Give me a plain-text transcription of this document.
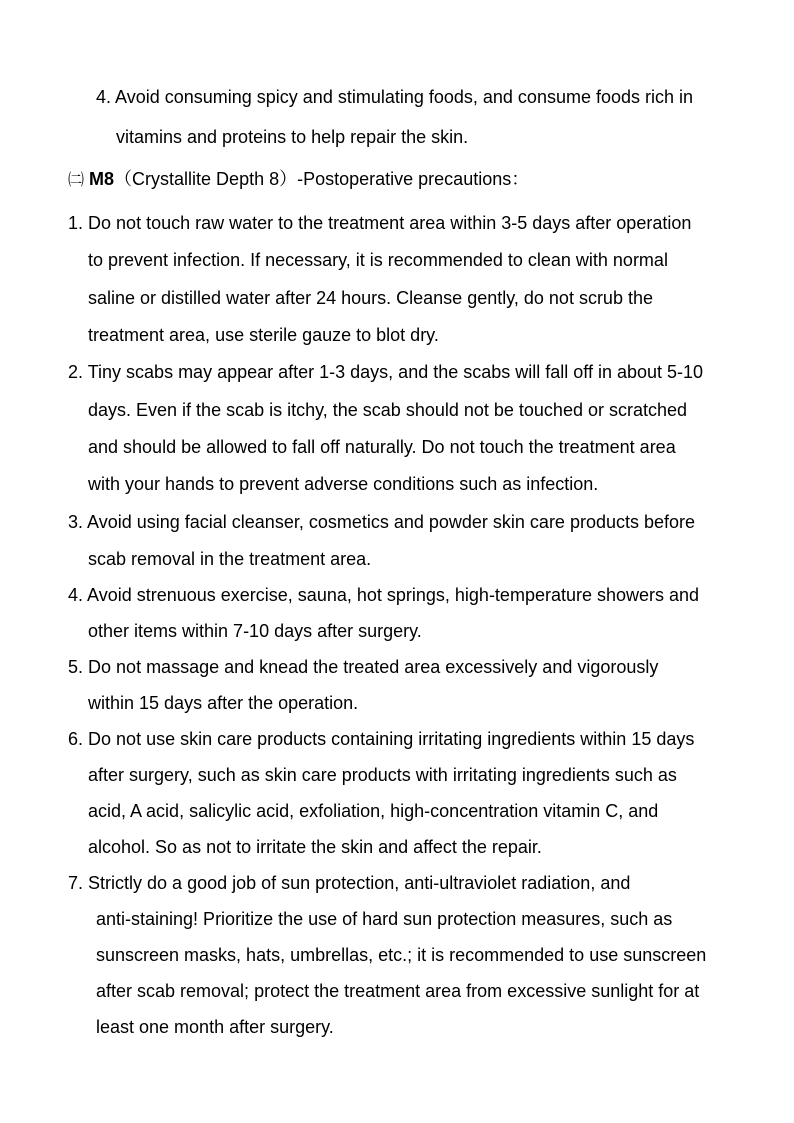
4. Avoid consuming spicy and stimulating foods, and consume foods rich in
vitamins and proteins to help repair the skin.
㈡ M8（Crystallite Depth 8）-Postoperative precautions：
1. Do not touch raw water to the treatment area within 3-5 days after operation
to prevent infection. If necessary, it is recommended to clean with normal
saline or distilled water after 24 hours. Cleanse gently, do not scrub the
treatment area, use sterile gauze to blot dry.
2. Tiny scabs may appear after 1-3 days, and the scabs will fall off in about 5-10
days. Even if the scab is itchy, the scab should not be touched or scratched
and should be allowed to fall off naturally. Do not touch the treatment area
with your hands to prevent adverse conditions such as infection.
3. Avoid using facial cleanser, cosmetics and powder skin care products before
scab removal in the treatment area.
4. Avoid strenuous exercise, sauna, hot springs, high-temperature showers and
other items within 7-10 days after surgery.
5. Do not massage and knead the treated area excessively and vigorously
within 15 days after the operation.
6. Do not use skin care products containing irritating ingredients within 15 days
after surgery, such as skin care products with irritating ingredients such as
acid, A acid, salicylic acid, exfoliation, high-concentration vitamin C, and
alcohol. So as not to irritate the skin and affect the repair.
7. Strictly do a good job of sun protection, anti-ultraviolet radiation, and
anti-staining! Prioritize the use of hard sun protection measures, such as
sunscreen masks, hats, umbrellas, etc.; it is recommended to use sunscreen
after scab removal; protect the treatment area from excessive sunlight for at
least one month after surgery.
